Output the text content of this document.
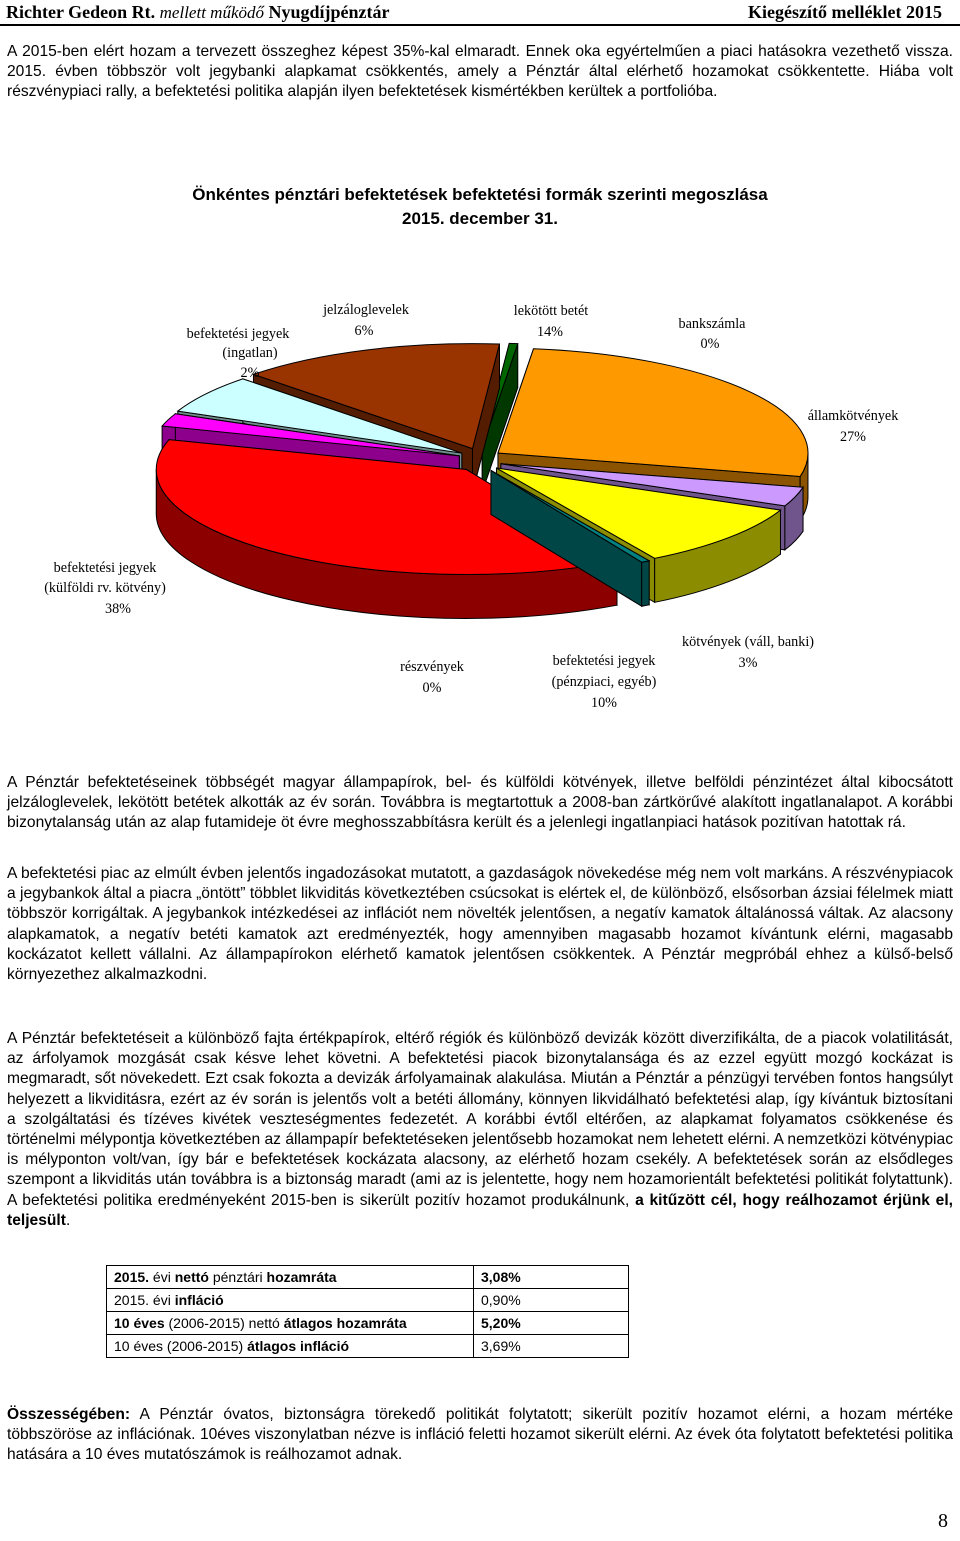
Richter Gedeon Rt. mellett működő Nyugdíjpénztár	Kiegészítő melléklet 2015

A 2015-ben elért hozam a tervezett összeghez képest 35%-kal elmaradt. Ennek oka egyértelműen a piaci hatásokra vezethető vissza. 2015. évben többször volt jegybanki alapkamat csökkentés, amely a Pénztár által elérhető hozamokat csökkentette. Hiába volt részvénypiaci rally, a befektetési politika alapján ilyen befektetések kismértékben kerültek a portfolióba.

Önkéntes pénztári befektetések befektetési formák szerinti megoszlása
2015. december 31.
befektetési jegyek
(ingatlan)
2%
jelzáloglevelek
6%
lekötött betét
14%	bankszámla
0%
államkötvények
27%
befektetési jegyek
(külföldi rv. kötvény)
38%
kötvények (váll, banki)
3%
részvények
0%
befektetési jegyek
(pénzpiaci, egyéb)
10%

A Pénztár befektetéseinek többségét magyar állampapírok, bel- és külföldi kötvények, illetve belföldi pénzintézet által kibocsátott jelzáloglevelek, lekötött betétek alkották az év során. Továbbra is megtartottuk a 2008-ban zártkörűvé alakított ingatlanalapot. A korábbi bizonytalanság után az alap futamideje öt évre meghosszabbításra került és a jelenlegi ingatlanpiaci hatások pozitívan hatottak rá.

A befektetési piac az elmúlt évben jelentős ingadozásokat mutatott, a gazdaságok növekedése még nem volt markáns. A részvénypiacok a jegybankok által a piacra „öntött” többlet likviditás következtében csúcsokat is elértek el, de különböző, elsősorban ázsiai félelmek miatt többször korrigáltak. A jegybankok intézkedései az inflációt nem növelték jelentősen, a negatív kamatok általánossá váltak. Az alacsony alapkamatok, a negatív betéti kamatok azt eredményezték, hogy amennyiben magasabb hozamot kívántunk elérni, magasabb kockázatot kellett vállalni. Az állampapírokon elérhető kamatok jelentősen csökkentek. A Pénztár megpróbál ehhez a külső-belső környezethez alkalmazkodni.

A Pénztár befektetéseit a különböző fajta értékpapírok, eltérő régiók és különböző devizák között diverzifikálta, de a piacok volatilitását, az árfolyamok mozgását csak késve lehet követni. A befektetési piacok bizonytalansága és az ezzel együtt mozgó kockázat is megmaradt, sőt növekedett. Ezt csak fokozta a devizák árfolyamainak alakulása. Miután a Pénztár a pénzügyi tervében fontos hangsúlyt helyezett a likviditásra, ezért az év során is jelentős volt a betéti állomány, könnyen likvidálható befektetési alap, így kívántuk biztosítani a szolgáltatási és tízéves kivétek veszteségmentes fedezetét. A korábbi évtől eltérően, az alapkamat folyamatos csökkenése és történelmi mélypontja következtében az állampapír befektetéseken jelentősebb hozamokat nem lehetett elérni. A nemzetközi kötvénypiac is mélyponton volt/van, így bár e befektetések kockázata alacsony, az elérhető hozam csekély. A befektetések során az elsődleges szempont a likviditás után továbbra is a biztonság maradt (ami az is jelentette, hogy nem hozamorientált befektetési politikát folytattunk). A befektetési politika eredményeként 2015-ben is sikerült pozitív hozamot produkálnunk, a kitűzött cél, hogy reálhozamot érjünk el, teljesült.

2015. évi nettó pénztári hozamráta	3,08%
2015. évi infláció	0,90%
10 éves (2006-2015) nettó átlagos hozamráta	5,20%
10 éves (2006-2015) átlagos infláció	3,69%

Összességében: A Pénztár óvatos, biztonságra törekedő politikát folytatott; sikerült pozitív hozamot elérni, a hozam mértéke többszöröse az inflációnak. 10éves viszonylatban nézve is infláció feletti hozamot sikerült elérni. Az évek óta folytatott befektetési politika hatására a 10 éves mutatószámok is reálhozamot adnak.

8
